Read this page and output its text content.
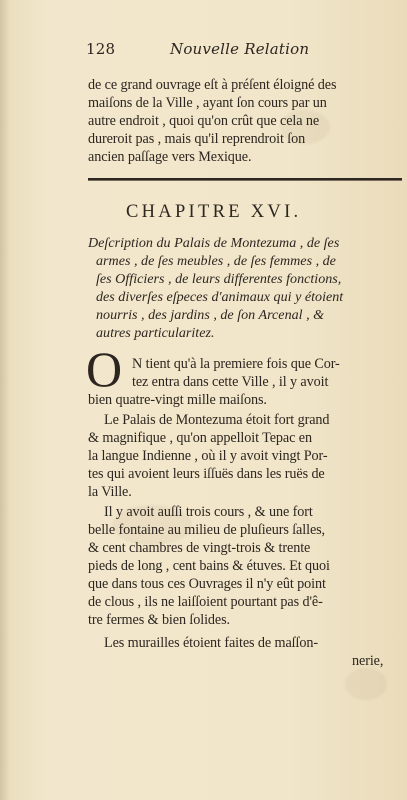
128	Nouvelle Relation
de ce grand ouvrage eſt à préſent éloigné des
maiſons de la Ville , ayant ſon cours par un
autre endroit , quoi qu'on crût que cela ne
dureroit pas , mais qu'il reprendroit ſon
ancien paſſage vers Mexique.
CHAPITRE XVI.
Deſcription du Palais de Montezuma , de ſes
armes , de ſes meubles , de ſes femmes , de
ſes Officiers , de leurs differentes fonctions,
des diverſes eſpeces d'animaux qui y étoient
nourris , des jardins , de ſon Arcenal , &
autres particularitez.
O N tient qu'à la premiere fois que Cor-
tez entra dans cette Ville , il y avoit
bien quatre-vingt mille maiſons.
Le Palais de Montezuma étoit fort grand
& magnifique , qu'on appelloit Tepac en
la langue Indienne , où il y avoit vingt Por-
tes qui avoient leurs iſſuës dans les ruës de
la Ville.
Il y avoit auſſi trois cours , & une fort
belle fontaine au milieu de pluſieurs ſalles,
& cent chambres de vingt-trois & trente
pieds de long , cent bains & étuves. Et quoi
que dans tous ces Ouvrages il n'y eût point
de clous , ils ne laiſſoient pourtant pas d'ê-
tre fermes & bien ſolides.
Les murailles étoient faites de maſſon-
nerie,
